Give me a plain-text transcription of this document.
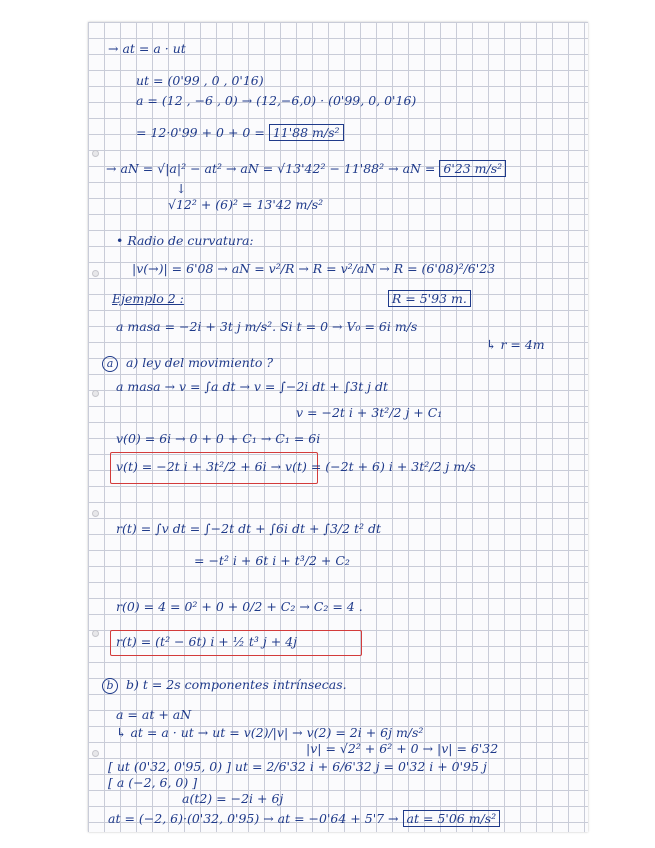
→ at = a · ut
ut = (0'99 , 0 , 0'16)
a = (12 , −6 , 0) → (12,−6,0) · (0'99, 0, 0'16)
= 12·0'99 + 0 + 0 = 11'88 m/s²
→ aN = √|a|² − at² → aN = √13'42² − 11'88² → aN = 6'23 m/s²
↓
√12² + (6)² = 13'42 m/s²
• Radio de curvatura:
|v(→)| = 6'08 → aN = v²/R → R = v²/aN → R = (6'08)²/6'23
Ejemplo 2 :	R = 5'93 m.
a masa = −2i + 3t j m/s². Si t = 0 → V₀ = 6i m/s
↳ r = 4m
a a) ley del movimiento ?
a masa → v = ∫a dt → v = ∫−2i dt + ∫3t j dt
v = −2t i + 3t²/2 j + C₁
v(0) = 6i → 0 + 0 + C₁ → C₁ = 6i
v(t) = −2t i + 3t²/2 + 6i → v(t) = (−2t + 6) i + 3t²/2 j m/s
r(t) = ∫v dt = ∫−2t dt + ∫6i dt + ∫3/2 t² dt
= −t² i + 6t i + t³/2 + C₂
r(0) = 4 = 0² + 0 + 0/2 + C₂ → C₂ = 4 .
r(t) = (t² − 6t) i + ½ t³ j + 4j
b b) t = 2s componentes intrínsecas.
a = at + aN
↳ at = a · ut → ut = v(2)/|v| → v(2) = 2i + 6j m/s²
|v| = √2² + 6² + 0 → |v| = 6'32
[ ut (0'32, 0'95, 0) ] ut = 2/6'32 i + 6/6'32 j = 0'32 i + 0'95 j
[ a (−2, 6, 0) ]
a(t2) = −2i + 6j
at = (−2, 6)·(0'32, 0'95) → at = −0'64 + 5'7 → at = 5'06 m/s²
